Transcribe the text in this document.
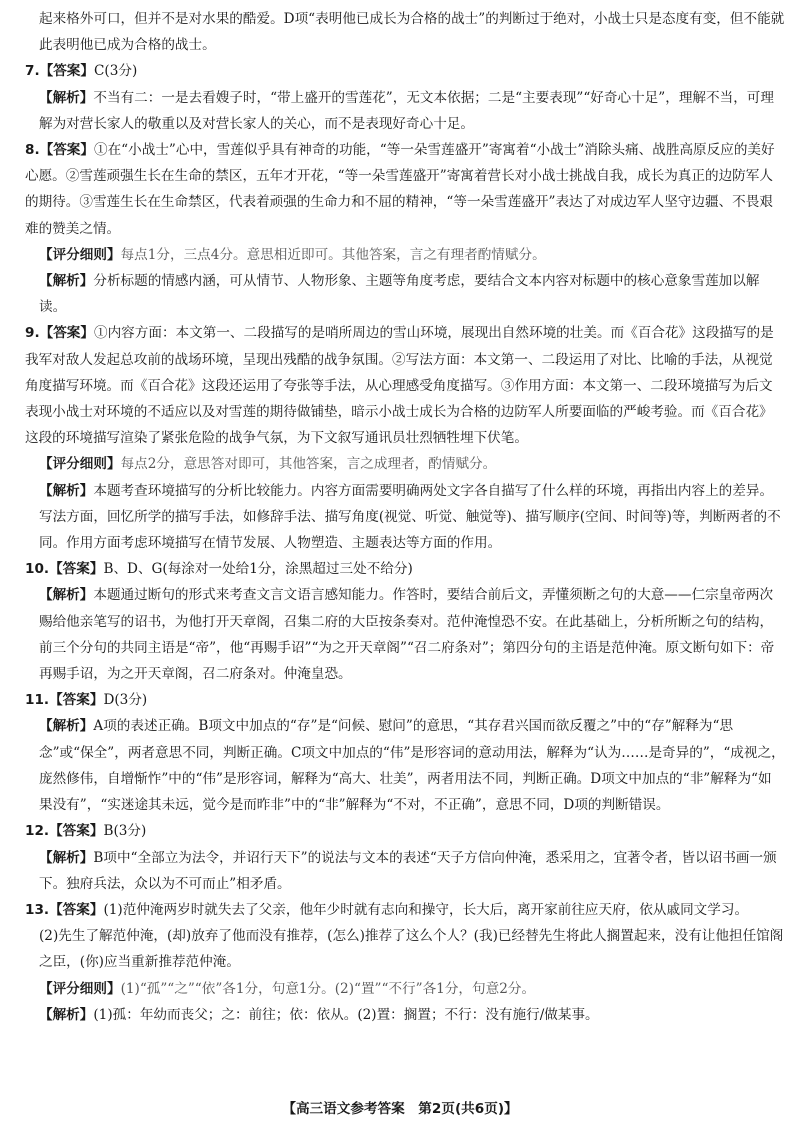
起来格外可口，但并不是对水果的酷爱。D项“表明他已成长为合格的战士”的判断过于绝对，小战士只是态度有变，但不能就此表明他已成为合格的战士。

7.【答案】C(3分)

【解析】不当有二：一是去看嫂子时，“带上盛开的雪莲花”，无文本依据；二是“主要表现”“好奇心十足”，理解不当，可理解为对营长家人的敬重以及对营长家人的关心，而不是表现好奇心十足。

8.【答案】①在“小战士”心中，雪莲似乎具有神奇的功能，“等一朵雪莲盛开”寄寓着“小战士”消除头痛、战胜高原反应的美好心愿。②雪莲顽强生长在生命的禁区，五年才开花，“等一朵雪莲盛开”寄寓着营长对小战士挑战自我，成长为真正的边防军人的期待。③雪莲生长在生命禁区，代表着顽强的生命力和不屈的精神，“等一朵雪莲盛开”表达了对成边军人坚守边疆、不畏艰难的赞美之情。

【评分细则】每点1分，三点4分。意思相近即可。其他答案，言之有理者酌情赋分。

【解析】分析标题的情感内涵，可从情节、人物形象、主题等角度考虑，要结合文本内容对标题中的核心意象雪莲加以解读。

9.【答案】①内容方面：本文第一、二段描写的是哨所周边的雪山环境，展现出自然环境的壮美。而《百合花》这段描写的是我军对敌人发起总攻前的战场环境，呈现出残酷的战争氛围。②写法方面：本文第一、二段运用了对比、比喻的手法，从视觉角度描写环境。而《百合花》这段还运用了夸张等手法，从心理感受角度描写。③作用方面：本文第一、二段环境描写为后文表现小战士对环境的不适应以及对雪莲的期待做铺垫，暗示小战士成长为合格的边防军人所要面临的严峻考验。而《百合花》这段的环境描写渲染了紧张危险的战争气氛，为下文叙写通讯员壮烈牺牲埋下伏笔。

【评分细则】每点2分，意思答对即可，其他答案，言之成理者，酌情赋分。

【解析】本题考查环境描写的分析比较能力。内容方面需要明确两处文字各自描写了什么样的环境，再指出内容上的差异。写法方面，回忆所学的描写手法，如修辞手法、描写角度(视觉、听觉、触觉等)、描写顺序(空间、时间等)等，判断两者的不同。作用方面考虑环境描写在情节发展、人物塑造、主题表达等方面的作用。

10.【答案】B、D、G(每涂对一处给1分，涂黑超过三处不给分)

【解析】本题通过断句的形式来考查文言文语言感知能力。作答时，要结合前后文，弄懂须断之句的大意——仁宗皇帝两次赐给他亲笔写的诏书，为他打开天章阁，召集二府的大臣按条奏对。范仲淹惶恐不安。在此基础上，分析所断之句的结构，前三个分句的共同主语是“帝”，他“再赐手诏”“为之开天章阁”“召二府条对”；第四分句的主语是范仲淹。原文断句如下：帝再赐手诏，为之开天章阁，召二府条对。仲淹皇恐。

11.【答案】D(3分)

【解析】A项的表述正确。B项文中加点的“存”是“问候、慰问”的意思，“其存君兴国而欲反覆之”中的“存”解释为“思念”或“保全”，两者意思不同，判断正确。C项文中加点的“伟”是形容词的意动用法，解释为“认为……是奇异的”，“成视之，庞然修伟，自增惭怍”中的“伟”是形容词，解释为“高大、壮美”，两者用法不同，判断正确。D项文中加点的“非”解释为“如果没有”，“实迷途其未远，觉今是而昨非”中的“非”解释为“不对，不正确”，意思不同，D项的判断错误。

12.【答案】B(3分)

【解析】B项中“全部立为法令，并诏行天下”的说法与文本的表述“天子方信向仲淹，悉采用之，宜著令者，皆以诏书画一颁下。独府兵法，众以为不可而止”相矛盾。

13.【答案】(1)范仲淹两岁时就失去了父亲，他年少时就有志向和操守，长大后，离开家前往应天府，依从戚同文学习。

(2)先生了解范仲淹，(却)放弃了他而没有推荐，(怎么)推荐了这么个人？(我)已经替先生将此人搁置起来，没有让他担任馆阁之臣，(你)应当重新推荐范仲淹。

【评分细则】(1)“孤”“之”“依”各1分，句意1分。(2)“置”“不行”各1分，句意2分。

【解析】(1)孤：年幼而丧父；之：前往；依：依从。(2)置：搁置；不行：没有施行/做某事。

【高三语文参考答案　第2页(共6页)】
